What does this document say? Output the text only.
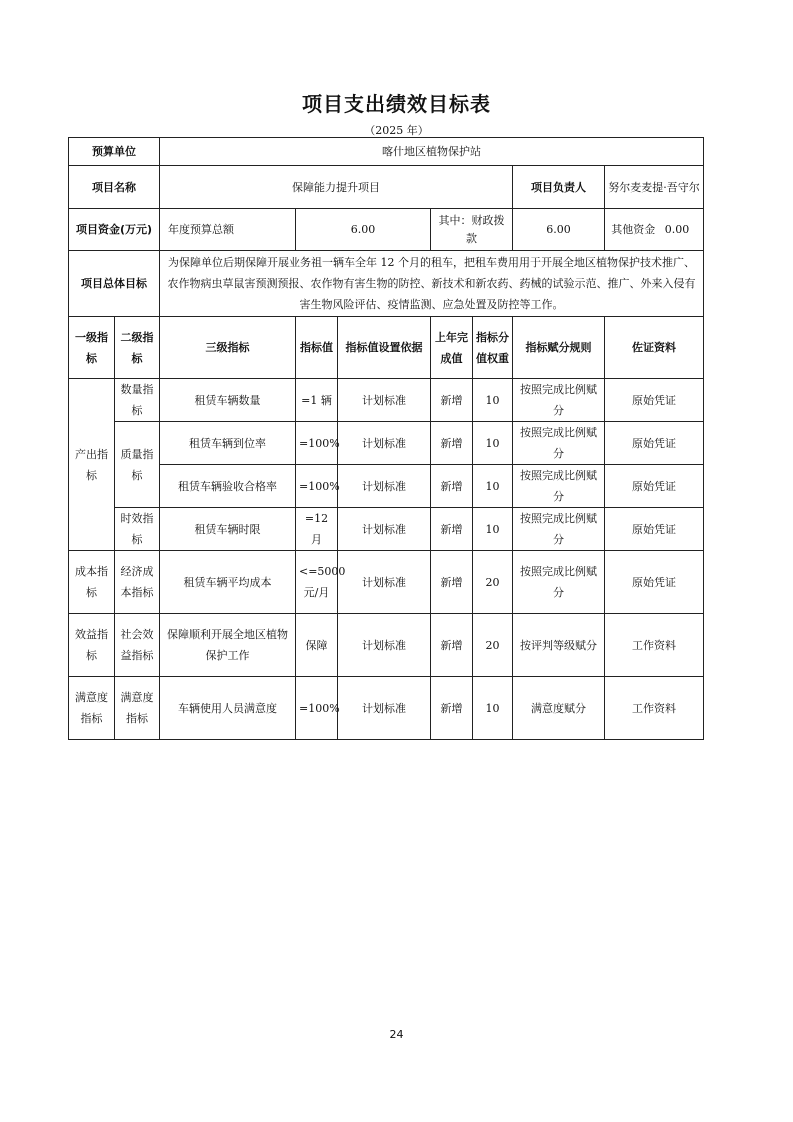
项目支出绩效目标表
（2025 年）
预算单位		喀什地区植物保护站						
项目名称		保障能力提升项目					项目负责人	努尔麦麦提·吾守尔
项目资金(万元)		年度预算总额	6.00		其中：财政拨款		6.00	其他资金 0.00
项目总体目标		为保障单位后期保障开展业务祖一辆车全年 12 个月的租车，把租车费用用于开展全地区植物保护技术推广、农作物病虫草鼠害预测预报、农作物有害生物的防控、新技术和新农药、药械的试验示范、推广、外来入侵有害生物风险评估、疫情监测、应急处置及防控等工作。						
一级指标	二级指标	三级指标	指标值	指标值设置依据	上年完成值	指标分值权重	指标赋分规则	佐证资料
产出指标	数量指标	租赁车辆数量	=1 辆	计划标准	新增	10	按照完成比例赋分	原始凭证
	质量指标	租赁车辆到位率	=100%	计划标准	新增	10	按照完成比例赋分	原始凭证
		租赁车辆验收合格率	=100%	计划标准	新增	10	按照完成比例赋分	原始凭证
	时效指标	租赁车辆时限	=12 月	计划标准	新增	10	按照完成比例赋分	原始凭证
成本指标	经济成本指标	租赁车辆平均成本	<=5000 元/月	计划标准	新增	20	按照完成比例赋分	原始凭证
效益指标	社会效益指标	保障顺利开展全地区植物保护工作	保障	计划标准	新增	20	按评判等级赋分	工作资料
满意度指标	满意度指标	车辆使用人员满意度	=100%	计划标准	新增	10	满意度赋分	工作资料
24
